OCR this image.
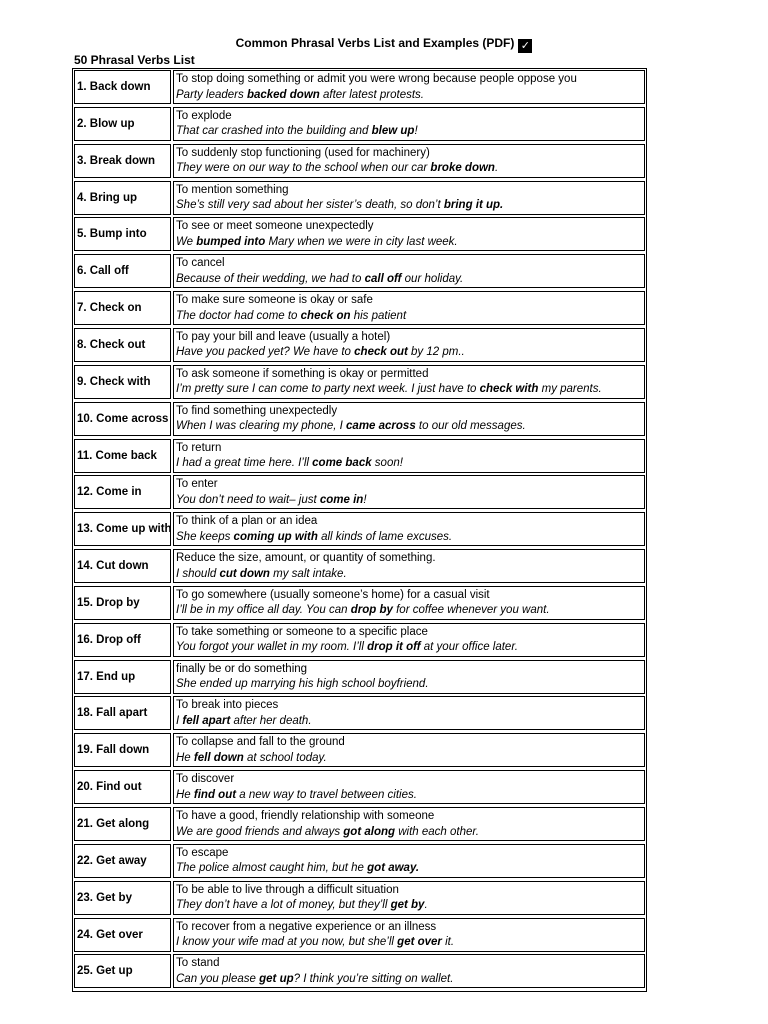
Common Phrasal Verbs List and Examples (PDF) ✓
50 Phrasal Verbs List
1. Back down
To stop doing something or admit you were wrong because people oppose you
Party leaders backed down after latest protests.
2. Blow up
To explode
That car crashed into the building and blew up!
3. Break down
To suddenly stop functioning (used for machinery)
They were on our way to the school when our car broke down.
4. Bring up
To mention something
She’s still very sad about her sister’s death, so don’t bring it up.
5. Bump into
To see or meet someone unexpectedly
We bumped into Mary when we were in city last week.
6. Call off
To cancel
Because of their wedding, we had to call off our holiday.
7. Check on
To make sure someone is okay or safe
The doctor had come to check on his patient
8. Check out
To pay your bill and leave (usually a hotel)
Have you packed yet? We have to check out by 12 pm..
9. Check with
To ask someone if something is okay or permitted
I’m pretty sure I can come to party next week. I just have to check with my parents.
10. Come across
To find something unexpectedly
When I was clearing my phone, I came across to our old messages.
11. Come back
To return
I had a great time here. I’ll come back soon!
12. Come in
To enter
You don’t need to wait– just come in!
13. Come up with
To think of a plan or an idea
She keeps coming up with all kinds of lame excuses.
14. Cut down
Reduce the size, amount, or quantity of something.
I should cut down my salt intake.
15. Drop by
To go somewhere (usually someone’s home) for a casual visit
I’ll be in my office all day. You can drop by for coffee whenever you want.
16. Drop off
To take something or someone to a specific place
You forgot your wallet in my room. I’ll drop it off at your office later.
17. End up
finally be or do something
She ended up marrying his high school boyfriend.
18. Fall apart
To break into pieces
I fell apart after her death.
19. Fall down
To collapse and fall to the ground
He fell down at school today.
20. Find out
To discover
He find out a new way to travel between cities.
21. Get along
To have a good, friendly relationship with someone
We are good friends and always got along with each other.
22. Get away
To escape
The police almost caught him, but he got away.
23. Get by
To be able to live through a difficult situation
They don’t have a lot of money, but they’ll get by.
24. Get over
To recover from a negative experience or an illness
I know your wife mad at you now, but she’ll get over it.
25. Get up
To stand
Can you please get up? I think you’re sitting on wallet.
